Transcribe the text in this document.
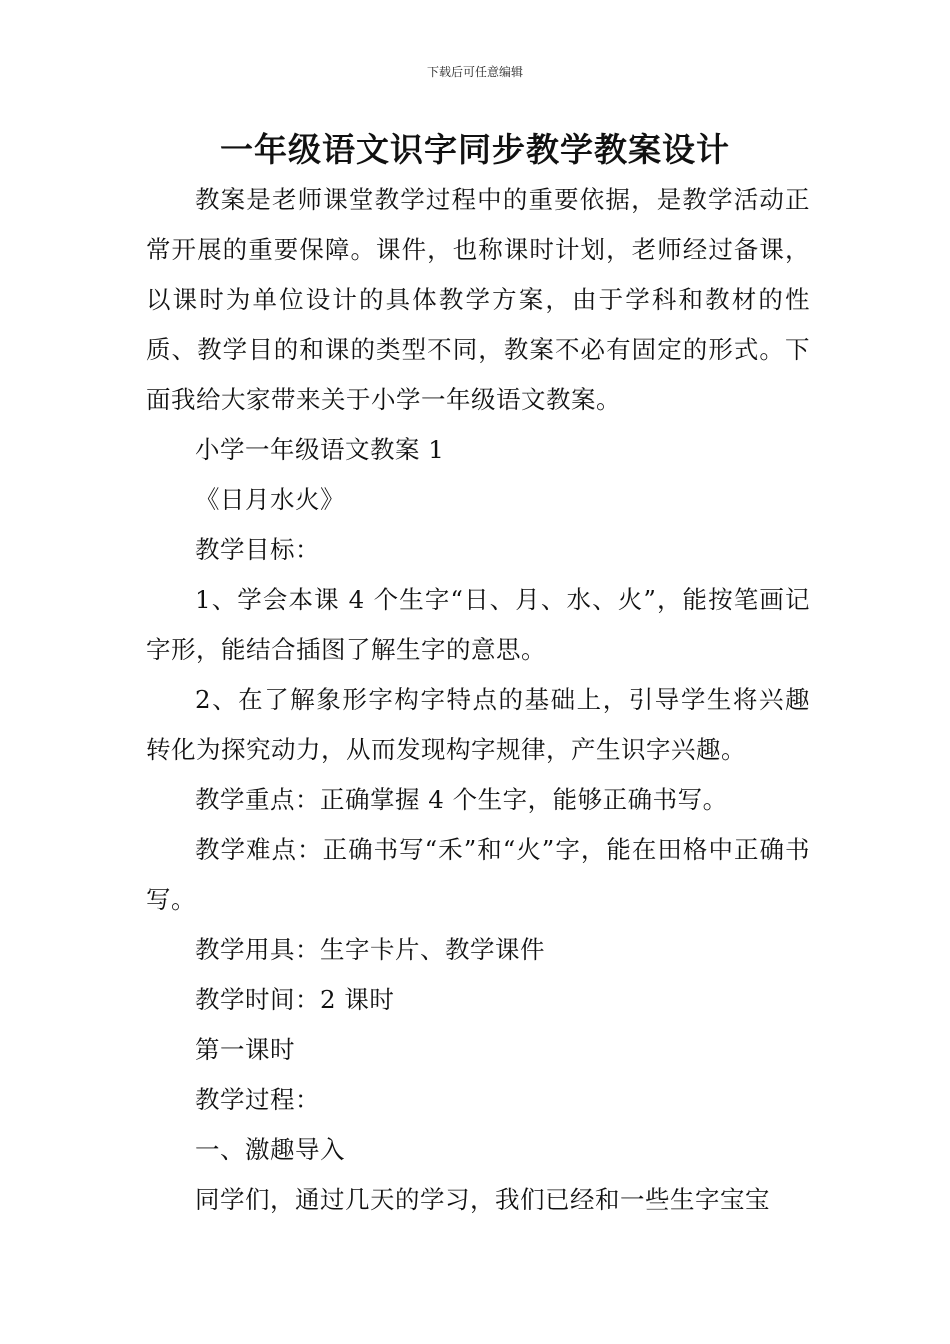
下载后可任意编辑
一年级语文识字同步教学教案设计

教案是老师课堂教学过程中的重要依据，是教学活动正常开展的重要保障。课件，也称课时计划，老师经过备课，以课时为单位设计的具体教学方案，由于学科和教材的性质、教学目的和课的类型不同，教案不必有固定的形式。下面我给大家带来关于小学一年级语文教案。

小学一年级语文教案 1

《日月水火》

教学目标：

1、学会本课 4 个生字“日、月、水、火”，能按笔画记字形，能结合插图了解生字的意思。

2、在了解象形字构字特点的基础上，引导学生将兴趣转化为探究动力，从而发现构字规律，产生识字兴趣。

教学重点：正确掌握 4 个生字，能够正确书写。

教学难点：正确书写“禾”和“火”字，能在田格中正确书写。

教学用具：生字卡片、教学课件

教学时间：2 课时

第一课时

教学过程：

一、激趣导入

同学们，通过几天的学习，我们已经和一些生字宝宝
